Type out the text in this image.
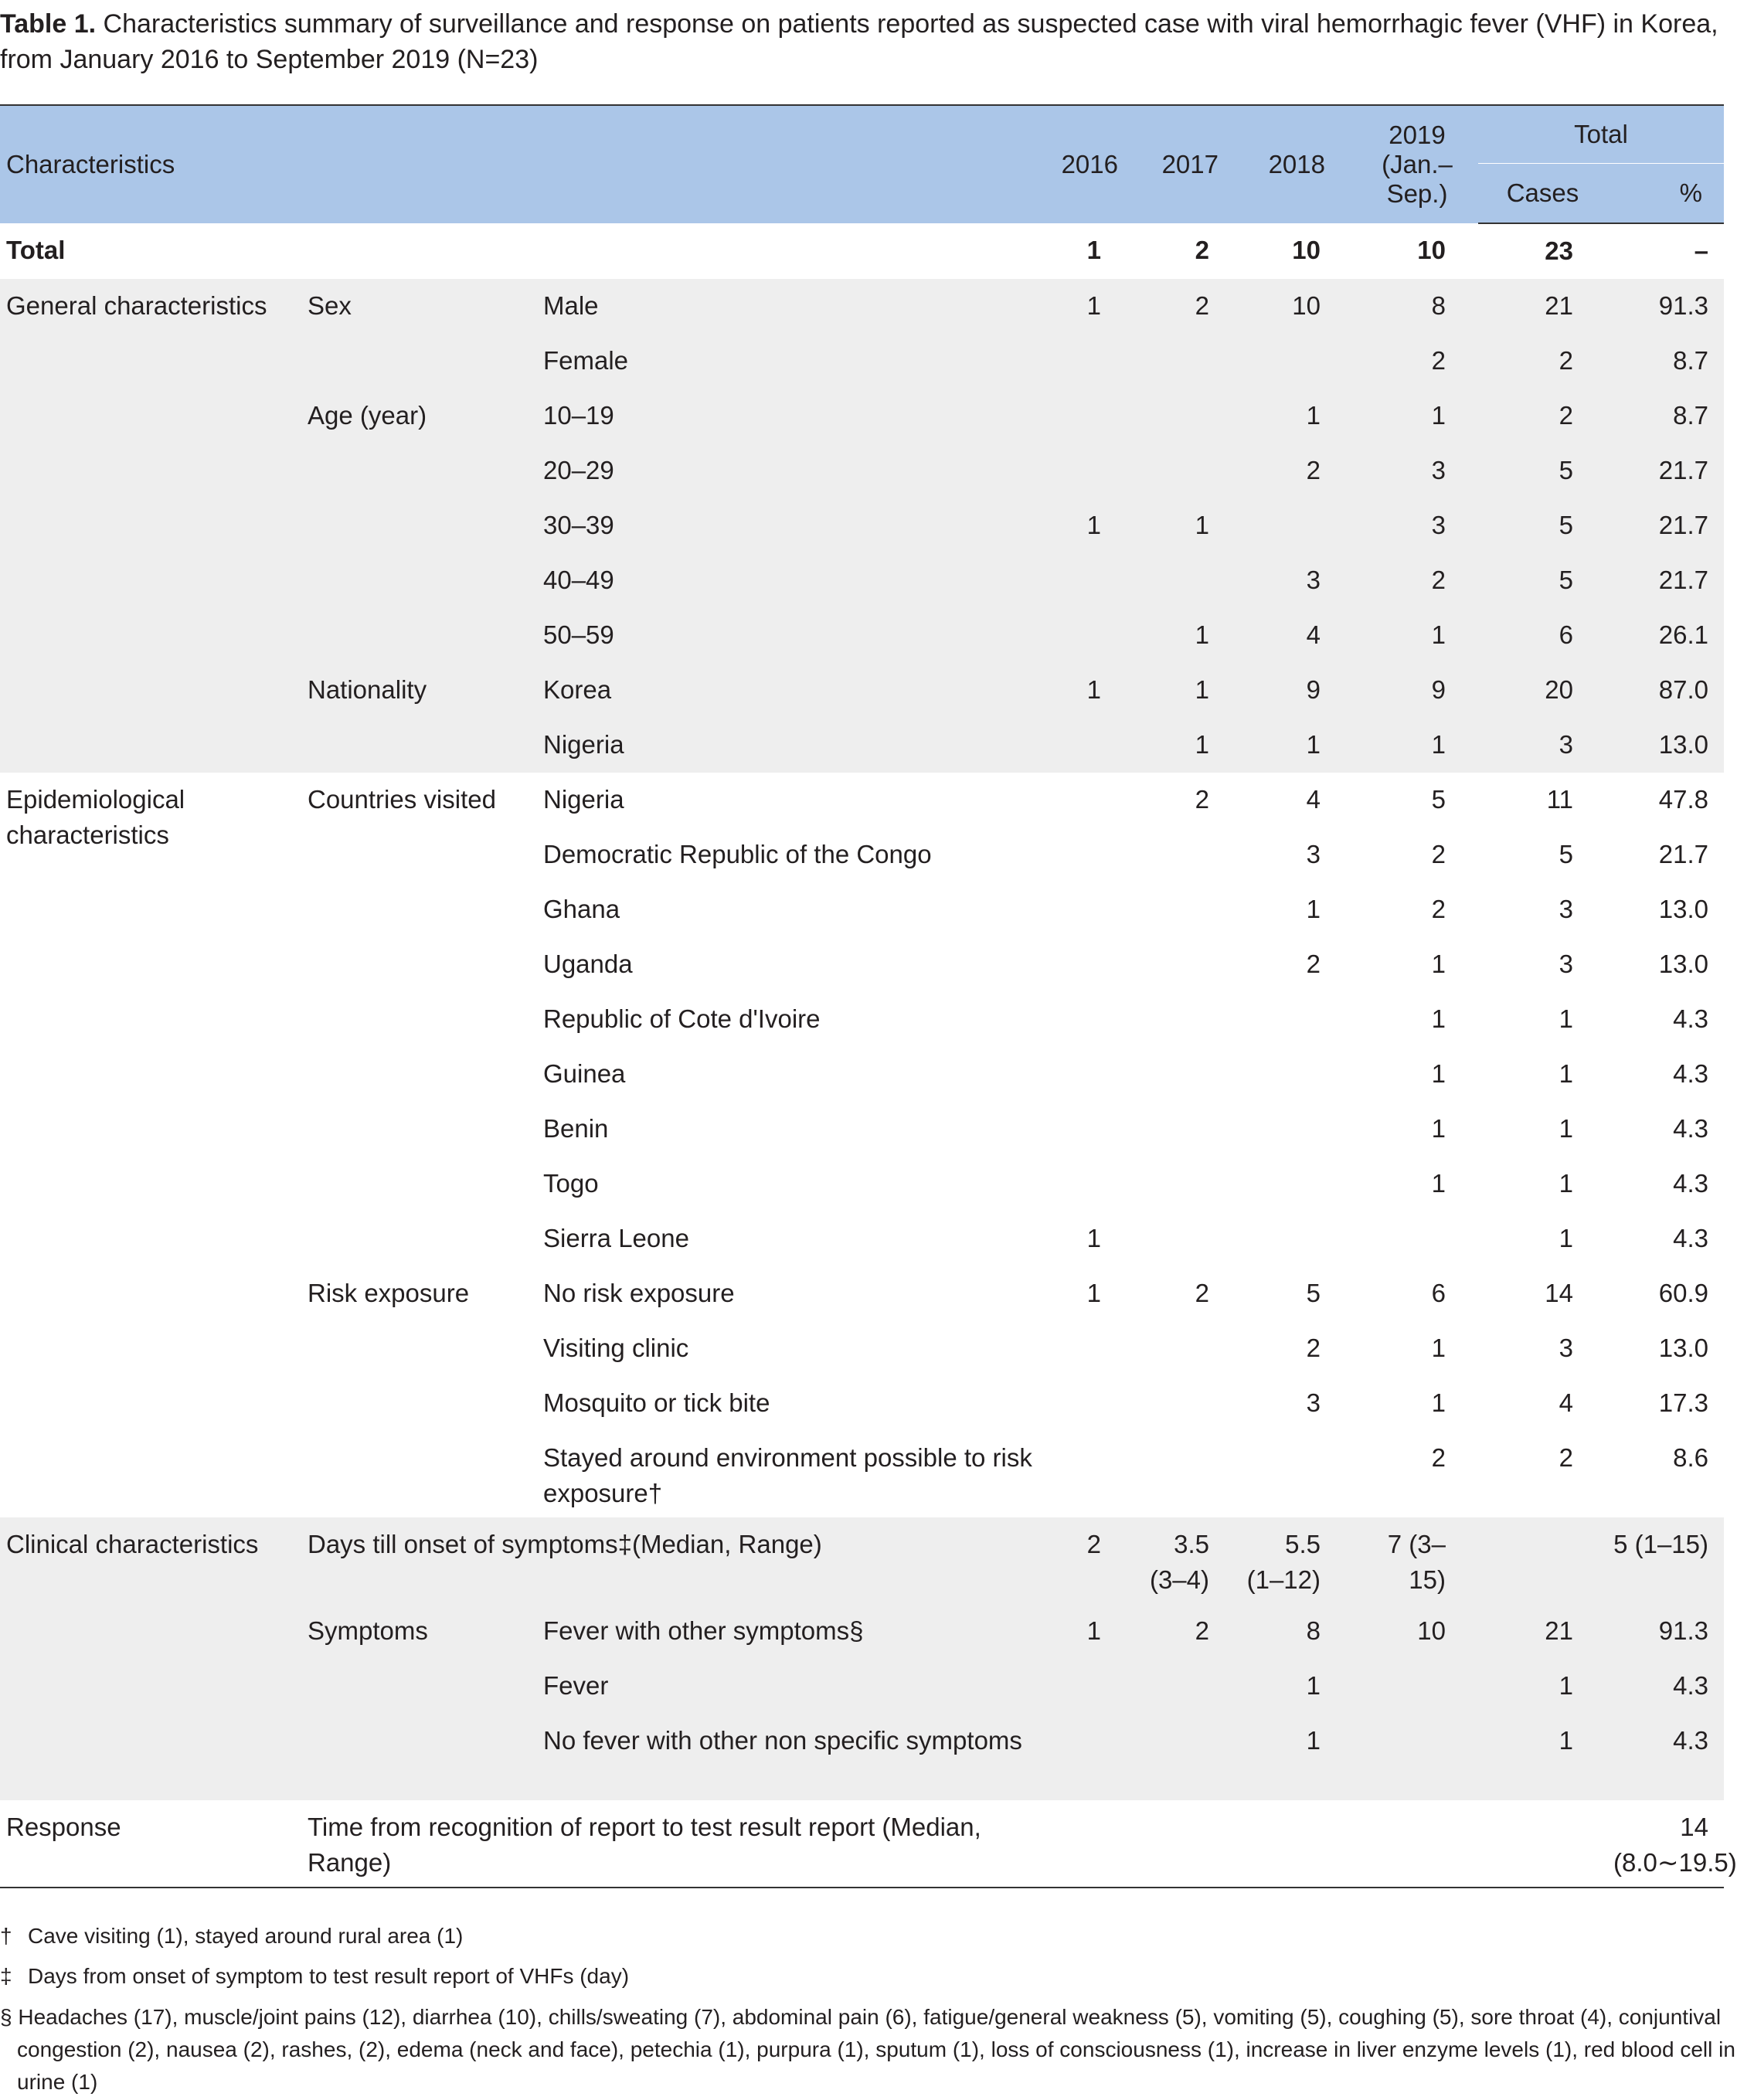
Table 1. Characteristics summary of surveillance and response on patients reported as suspected case with viral hemorrhagic fever (VHF) in Korea, from January 2016 to September 2019 (N=23)
Characteristics			2016	2017	2018	2019 (Jan.– Sep.)	Total	
							Cases	%
Total			1	2	10	10	23	–
General characteristics	Sex	Male	1	2	10	8	21	91.3
		Female				2	2	8.7
	Age (year)	10–19			1	1	2	8.7
		20–29			2	3	5	21.7
		30–39	1	1		3	5	21.7
		40–49			3	2	5	21.7
		50–59		1	4	1	6	26.1
	Nationality	Korea	1	1	9	9	20	87.0
		Nigeria		1	1	1	3	13.0
Epidemiological characteristics	Countries visited	Nigeria		2	4	5	11	47.8
		Democratic Republic of the Congo			3	2	5	21.7
		Ghana			1	2	3	13.0
		Uganda			2	1	3	13.0
		Republic of Cote d'Ivoire				1	1	4.3
		Guinea				1	1	4.3
		Benin				1	1	4.3
		Togo				1	1	4.3
		Sierra Leone	1				1	4.3
	Risk exposure	No risk exposure	1	2	5	6	14	60.9
		Visiting clinic			2	1	3	13.0
		Mosquito or tick bite			3	1	4	17.3
		Stayed around environment possible to risk exposure†				2	2	8.6
Clinical characteristics	Days till onset of symptoms‡(Median, Range)		2	3.5 (3–4)	5.5 (1–12)	7 (3–15)		5 (1–15)
	Symptoms	Fever with other symptoms§	1	2	8	10	21	91.3
		Fever			1		1	4.3
		No fever with other non specific symptoms			1		1	4.3
Response	Time from recognition of report to test result report (Median, Range)							14 (8.0∼19.5)
† Cave visiting (1), stayed around rural area (1)
‡ Days from onset of symptom to test result report of VHFs (day)
§ Headaches (17), muscle/joint pains (12), diarrhea (10), chills/sweating (7), abdominal pain (6), fatigue/general weakness (5), vomiting (5), coughing (5), sore throat (4), conjuntival congestion (2), nausea (2), rashes, (2), edema (neck and face), petechia (1), purpura (1), sputum (1), loss of consciousness (1), increase in liver enzyme levels (1), red blood cell in urine (1)
